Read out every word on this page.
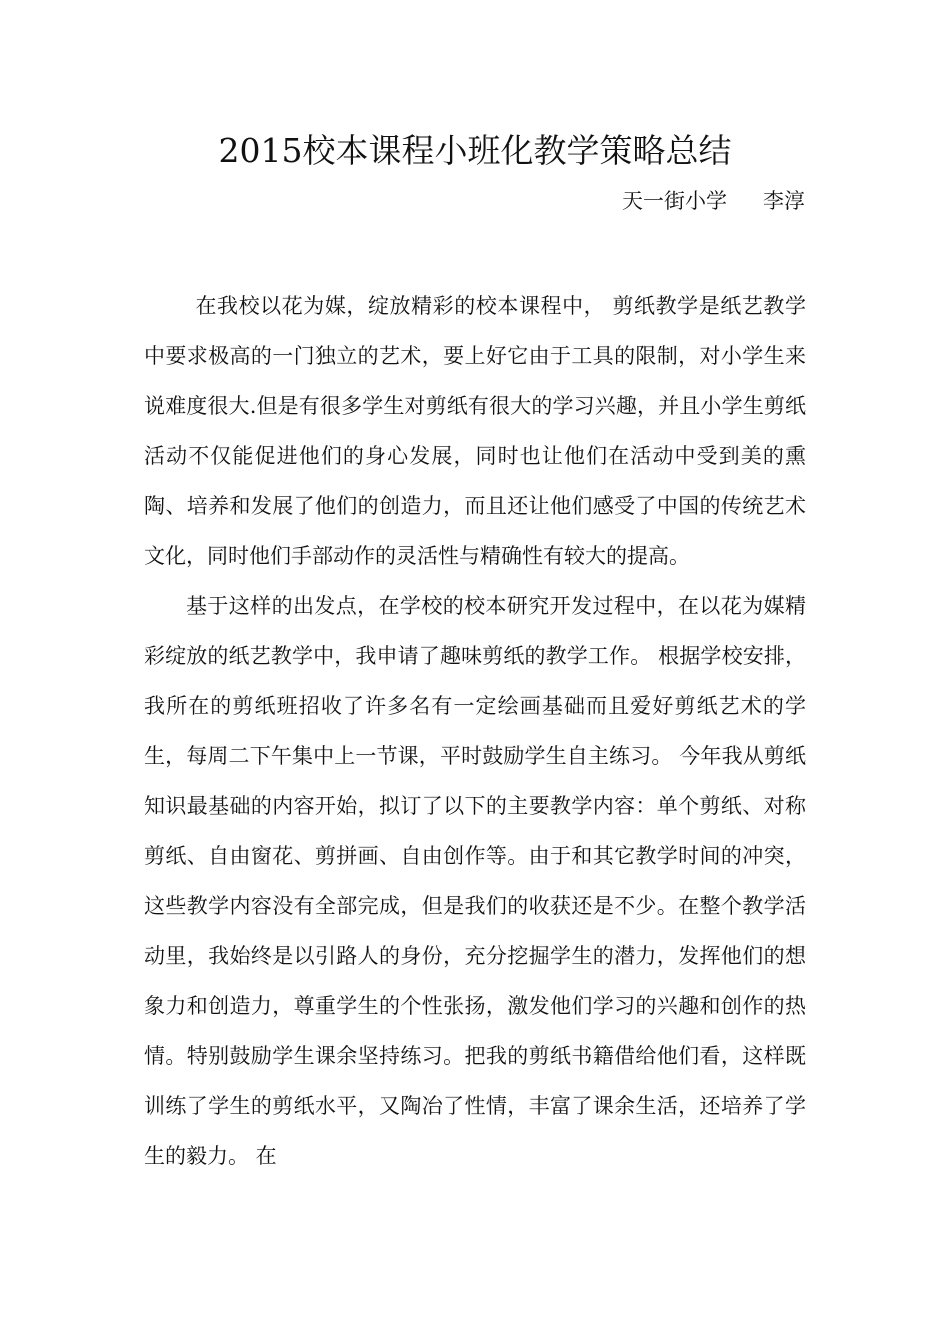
2015校本课程小班化教学策略总结
天一街小学 李淳

在我校以花为媒，绽放精彩的校本课程中， 剪纸教学是纸艺教学中要求极高的一门独立的艺术，要上好它由于工具的限制，对小学生来说难度很大.但是有很多学生对剪纸有很大的学习兴趣，并且小学生剪纸活动不仅能促进他们的身心发展，同时也让他们在活动中受到美的熏陶、培养和发展了他们的创造力，而且还让他们感受了中国的传统艺术文化，同时他们手部动作的灵活性与精确性有较大的提高。

基于这样的出发点，在学校的校本研究开发过程中，在以花为媒精彩绽放的纸艺教学中，我申请了趣味剪纸的教学工作。 根据学校安排，我所在的剪纸班招收了许多名有一定绘画基础而且爱好剪纸艺术的学生，每周二下午集中上一节课，平时鼓励学生自主练习。 今年我从剪纸知识最基础的内容开始，拟订了以下的主要教学内容：单个剪纸、对称剪纸、自由窗花、剪拼画、自由创作等。由于和其它教学时间的冲突，这些教学内容没有全部完成，但是我们的收获还是不少。在整个教学活动里，我始终是以引路人的身份，充分挖掘学生的潜力，发挥他们的想象力和创造力，尊重学生的个性张扬，激发他们学习的兴趣和创作的热情。特别鼓励学生课余坚持练习。把我的剪纸书籍借给他们看，这样既训练了学生的剪纸水平，又陶冶了性情，丰富了课余生活，还培养了学生的毅力。 在
